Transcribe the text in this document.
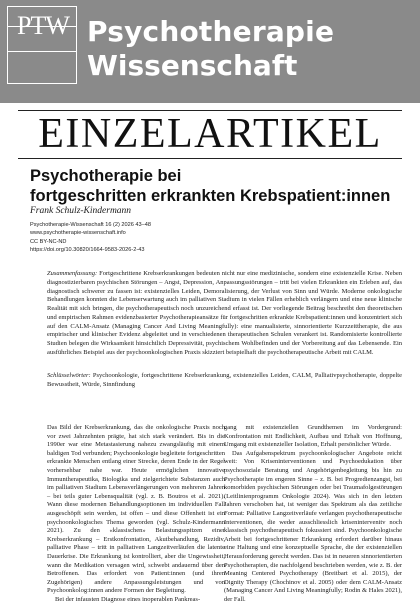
PTW Psychotherapie
Wissenschaft
EINZELARTIKEL
Psychotherapie bei
fortgeschritten erkrankten Krebspatient:innen
Frank Schulz-Kindermann
Psychotherapie-Wissenschaft 16 (2) 2026 43–48
www.psychotherapie-wissenschaft.info
CC BY-NC-ND
https://doi.org/10.30820/1664-9583-2026-2-43
Zusammenfassung: Fortgeschrittene Krebserkrankungen bedeuten nicht nur eine medizinische, sondern eine existenzielle Krise. Neben diagnostizierbaren psychischen Störungen – Angst, Depression, Anpassungsstörungen – tritt bei vielen Erkrankten ein Erleben auf, das diagnostisch schwerer zu fassen ist: existenzielles Leiden, Demoralisierung, der Verlust von Sinn und Würde. Moderne onkologische Behandlungen konnten die Lebenserwartung auch im palliativen Stadium in vielen Fällen erheblich verlängern und eine neue klinische Realität mit sich bringen, die psychotherapeutisch noch unzureichend erfasst ist. Der vorliegende Beitrag beschreibt den theoretischen und empirischen Rahmen evidenzbasierter Psychotherapieansätze für fortgeschritten erkrankte Krebspatient:innen und konzentriert sich auf den CALM-Ansatz (Managing Cancer And Living Meaningfully): eine manualisierte, sinnorientierte Kurzzeittherapie, die aus empirischer und klinischer Evidenz abgeleitet und in verschiedenen therapeutischen Schulen verankert ist. Randomisierte kontrollierte Studien belegen die Wirksamkeit hinsichtlich Depressivität, psychischem Wohlbefinden und der Vorbereitung auf das Lebensende. Ein ausführliches Beispiel aus der psychoonkologischen Praxis skizziert beispielhaft die psychotherapeutische Arbeit mit CALM.
Schlüsselwörter: Psychoonkologie, fortgeschrittene Krebserkrankung, existenzielles Leiden, CALM, Palliativpsychotherapie, doppelte Bewusstheit, Würde, Sinnfindung

Das Bild der Krebserkrankung, das die onkologische Praxis noch vor zwei Jahrzehnten prägte, hat sich stark verändert. Bis in die 1990er war eine Metastasierung nahezu zwangsläufig mit einem baldigen Tod verbunden; Psychoonkologie begleitete fortgeschritten erkrankte Menschen entlang einer Strecke, deren Ende in der Regel vorhersehbar nahe war. Heute ermöglichen innovative Immuntherapeutika, Biologika und zielgerichtete Substanzen auch im palliativen Stadium Lebensverlängerungen von mehreren Jahren – bei teils guter Lebensqualität (vgl. z. B. Boutros et al. 2021). Wann diese modernen Behandlungsoptionen im individuellen Fall ausgeschöpft sein werden, ist offen – und diese Offenheit ist ein psychoonkologisches Thema geworden (vgl. Schulz-Kindermann 2021). Zu den «klassischen» Belastungsspitzen einer Krebserkrankung – Erstkonfrontation, Akutbehandlung, Rezidiv, palliative Phase – tritt in palliativen Langzeitverläufen die latente Dauerkrise. Die Erkrankung ist kontrolliert, aber die Ungewissheit, wann die Medikation versagen wird, schwebt andauernd über den Betroffenen. Das erfordert von Patient:innen (und ihren Zugehörigen) andere Anpassungsleistungen und von Psychoonkolog:innen andere Formen der Begleitung.

Bei der infausten Diagnose eines inoperablen Pankreas-

gang mit existenziellen Grundthemen im Vordergrund: Konfrontation mit Endlichkeit, Aufbau und Erhalt von Hoffnung, Umgang mit existenzieller Isolation, Erhalt persönlicher Würde.

Das Aufgabenspektrum psychoonkologischer Angebote reicht weit: Von Kriseninterventionen und Psychoedukation über psychosoziale Beratung und Angehörigenbegleitung bis hin zu Psychotherapie im engeren Sinne – z. B. bei Progredienzangst, bei komorbiden psychischen Störungen oder bei Traumafolgestörungen (Leitlinienprogramm Onkologie 2024). Was sich in den letzten Jahren verschoben hat, ist weniger das Spektrum als das zeitliche Format: Palliative Langzeitverläufe verlangen psychotherapeutische Interventionen, die weder ausschliesslich krisenintervenitv noch klassisch psychotherapeutisch fokussiert sind. Psychoonkologische Arbeit bei fortgeschrittener Erkrankung erfordert darüber hinaus eine Haltung und eine konzeptuelle Sprache, die der existenziellen Herausforderung gerecht werden. Das ist in neueren sinnorientierten Psychotherapien, die nachfolgend beschrieben werden, wie z. B. der Meaning Centered Psychotherapy (Breitbart et al. 2015), der Dignity Therapy (Chochinov et al. 2005) oder dem CALM-Ansatz (Managing Cancer And Living Meaningfully; Rodin & Hales 2021), der Fall.
